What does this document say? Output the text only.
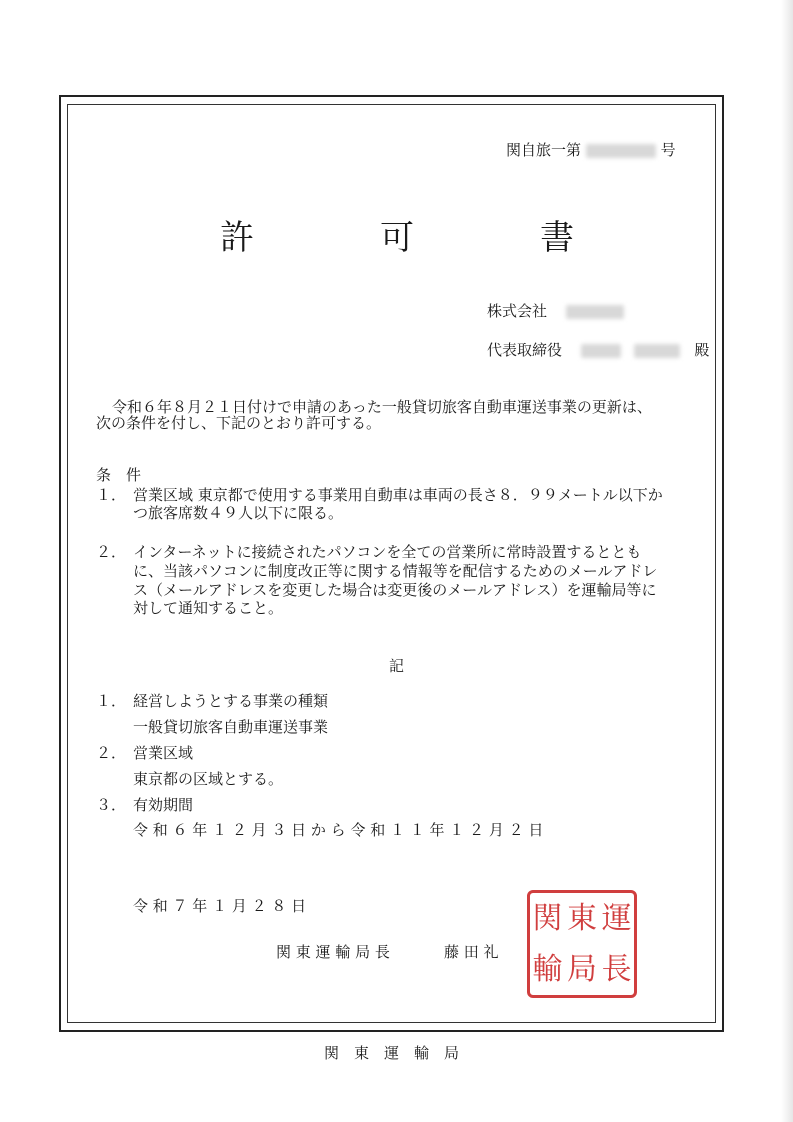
関自旅一第	号
許	可	書
株式会社
代表取締役	殿
令和６年８月２１日付けで申請のあった一般貸切旅客自動車運送事業の更新は、
次の条件を付し、下記のとおり許可する。
条　件
１． 営業区域 東京都で使用する事業用自動車は車両の長さ８．９９メートル以下か
つ旅客席数４９人以下に限る。
２． インターネットに接続されたパソコンを全ての営業所に常時設置するととも
に、当該パソコンに制度改正等に関する情報等を配信するためのメールアドレ
ス（メールアドレスを変更した場合は変更後のメールアドレス）を運輸局等に
対して通知すること。
記
１． 経営しようとする事業の種類
一般貸切旅客自動車運送事業
２． 営業区域
東京都の区域とする。
３． 有効期間
令 和 ６ 年 １ ２ 月 ３ 日 か ら 令 和 １ １ 年 １ ２ 月 ２ 日
令 和 ７ 年 １ 月 ２ ８ 日
関 東 運 輸 局 長	藤 田 礼
関 東 運
輸 局 長
関　東　運　輸　局
